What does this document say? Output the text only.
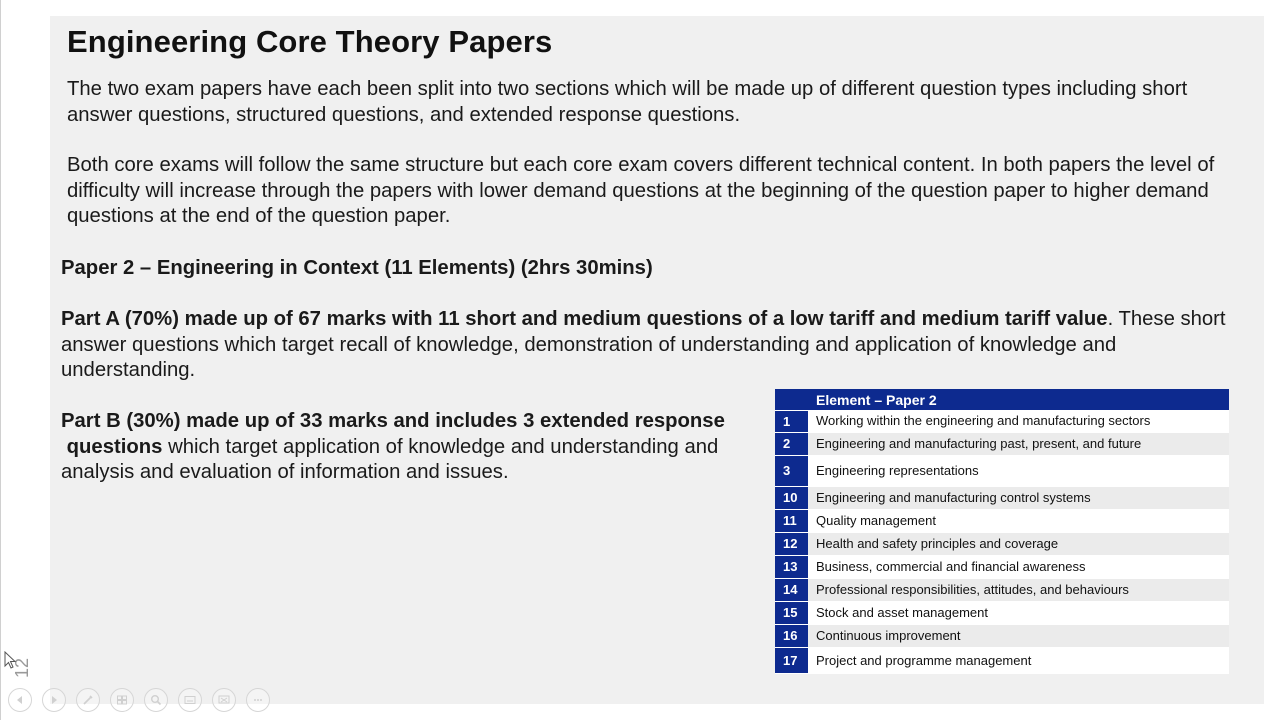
Engineering Core Theory Papers

The two exam papers have each been split into two sections which will be made up of different question types including short answer questions, structured questions, and extended response questions.

Both core exams will follow the same structure but each core exam covers different technical content. In both papers the level of difficulty will increase through the papers with lower demand questions at the beginning of the question paper to higher demand questions at the end of the question paper.

Paper 2 – Engineering in Context (11 Elements) (2hrs 30mins)

Part A (70%) made up of 67 marks with 11 short and medium questions of a low tariff and medium tariff value. These short answer questions which target recall of knowledge, demonstration of understanding and application of knowledge and understanding.

Part B (30%) made up of 33 marks and includes 3 extended response
questions which target application of knowledge and understanding and analysis and evaluation of information and issues.

	Element – Paper 2
1	Working within the engineering and manufacturing sectors
2	Engineering and manufacturing past, present, and future
3	Engineering representations
10	Engineering and manufacturing control systems
11	Quality management
12	Health and safety principles and coverage
13	Business, commercial and financial awareness
14	Professional responsibilities, attitudes, and behaviours
15	Stock and asset management
16	Continuous improvement
17	Project and programme management
12
